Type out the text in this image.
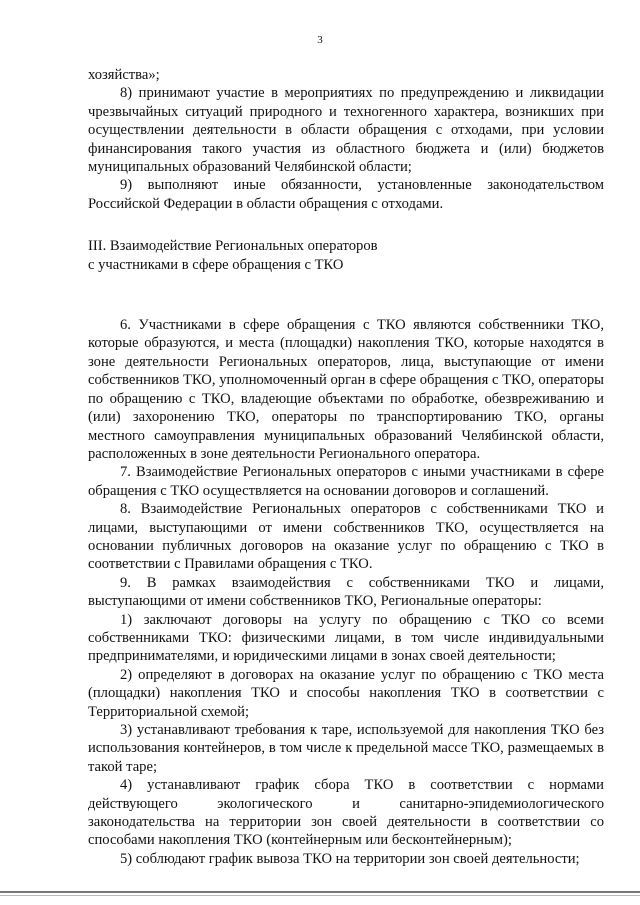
3

хозяйства»;

8) принимают участие в мероприятиях по предупреждению и ликвидации чрезвычайных ситуаций природного и техногенного характера, возникших при осуществлении деятельности в области обращения с отходами, при условии финансирования такого участия из областного бюджета и (или) бюджетов муниципальных образований Челябинской области;

9) выполняют иные обязанности, установленные законодательством Российской Федерации в области обращения с отходами.

III. Взаимодействие Региональных операторов

с участниками в сфере обращения с ТКО

6. Участниками в сфере обращения с ТКО являются собственники ТКО, которые образуются, и места (площадки) накопления ТКО, которые находятся в зоне деятельности Региональных операторов, лица, выступающие от имени собственников ТКО, уполномоченный орган в сфере обращения с ТКО, операторы по обращению с ТКО, владеющие объектами по обработке, обезвреживанию и (или) захоронению ТКО, операторы по транспортированию ТКО, органы местного самоуправления муниципальных образований Челябинской области, расположенных в зоне деятельности Регионального оператора.

7. Взаимодействие Региональных операторов с иными участниками в сфере обращения с ТКО осуществляется на основании договоров и соглашений.

8. Взаимодействие Региональных операторов с собственниками ТКО и лицами, выступающими от имени собственников ТКО, осуществляется на основании публичных договоров на оказание услуг по обращению с ТКО в соответствии с Правилами обращения с ТКО.

9. В рамках взаимодействия с собственниками ТКО и лицами, выступающими от имени собственников ТКО, Региональные операторы:

1) заключают договоры на услугу по обращению с ТКО со всеми собственниками ТКО: физическими лицами, в том числе индивидуальными предпринимателями, и юридическими лицами в зонах своей деятельности;

2) определяют в договорах на оказание услуг по обращению с ТКО места (площадки) накопления ТКО и способы накопления ТКО в соответствии с Территориальной схемой;

3) устанавливают требования к таре, используемой для накопления ТКО без использования контейнеров, в том числе к предельной массе ТКО, размещаемых в такой таре;

4) устанавливают график сбора ТКО в соответствии с нормами действующего экологического и санитарно-эпидемиологического законодательства на территории зон своей деятельности в соответствии со способами накопления ТКО (контейнерным или бесконтейнерным);

5) соблюдают график вывоза ТКО на территории зон своей деятельности;
